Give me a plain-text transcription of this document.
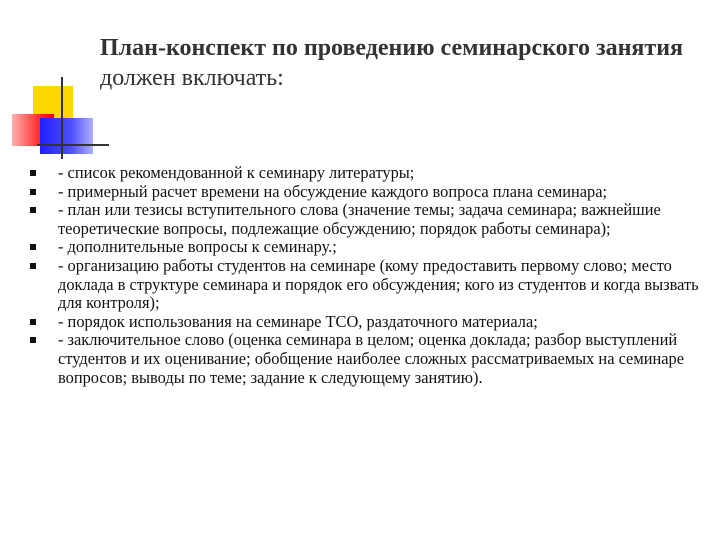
План-конспект по проведению семинарского занятия должен включать:
- список рекомендованной к семинару литературы;
- примерный расчет времени на обсуждение каждого вопроса плана семинара;
- план или тезисы вступительного слова (значение темы; задача семинара; важнейшие теоретические вопросы, подлежащие обсуждению; порядок работы семинара);
- дополнительные вопросы к семинару.;
- организацию работы студентов на семинаре (кому предоставить первому слово; место доклада в структуре семинара и порядок его обсуждения; кого из студентов и когда вызвать для контроля);
- порядок использования на семинаре ТСО, раздаточного материала;
- заключительное слово (оценка семинара в целом; оценка доклада; разбор выступлений студентов и их оценивание; обобщение наиболее сложных рассматриваемых на семинаре вопросов; выводы по теме; задание к следующему занятию).
